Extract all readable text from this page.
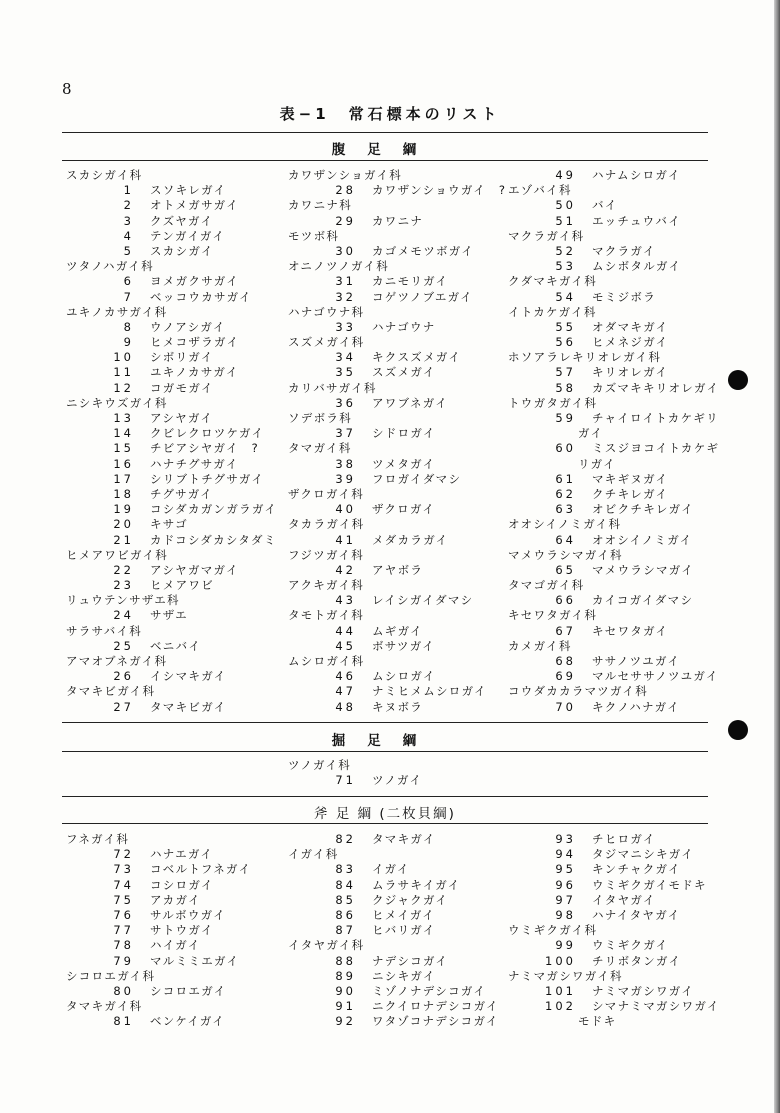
8
表−1　常石標本のリスト
腹足綱
スカシガイ科
1 スソキレガイ
2 オトメガサガイ
3 クズヤガイ
4 テンガイガイ
5 スカシガイ
ツタノハガイ科
6 ヨメガクサガイ
7 ベッコウカサガイ
ユキノカサガイ科
8 ウノアシガイ
9 ヒメコザラガイ
10 シボリガイ
11 ユキノカサガイ
12 コガモガイ
ニシキウズガイ科
13 アシヤガイ
14 クビレクロツケガイ
15 チビアシヤガイ　?
16 ハナチグサガイ
17 シリブトチグサガイ
18 チグサガイ
19 コシダカガンガラガイ
20 キサゴ
21 カドコシダカシタダミ
ヒメアワビガイ科
22 アシヤガマガイ
23 ヒメアワビ
リュウテンサザエ科
24 サザエ
サラサバイ科
25 ベニバイ
アマオブネガイ科
26 イシマキガイ
タマキビガイ科
27 タマキビガイ
カワザンショガイ科
28 カワザンショウガイ　?
カワニナ科
29 カワニナ
モツボ科
30 カゴメモツボガイ
オニノツノガイ科
31 カニモリガイ
32 コゲツノブエガイ
ハナゴウナ科
33 ハナゴウナ
スズメガイ科
34 キクスズメガイ
35 スズメガイ
カリバサガイ科
36 アワブネガイ
ソデボラ科
37 シドロガイ
タマガイ科
38 ツメタガイ
39 フロガイダマシ
ザクロガイ科
40 ザクロガイ
タカラガイ科
41 メダカラガイ
フジツガイ科
42 アヤボラ
アクキガイ科
43 レイシガイダマシ
タモトガイ科
44 ムギガイ
45 ボサツガイ
ムシロガイ科
46 ムシロガイ
47 ナミヒメムシロガイ
48 キヌボラ
49 ハナムシロガイ
エゾバイ科
50 バイ
51 エッチュウバイ
マクラガイ科
52 マクラガイ
53 ムシボタルガイ
クダマキガイ科
54 モミジボラ
イトカケガイ科
55 オダマキガイ
56 ヒメネジガイ
ホソアラレキリオレガイ科
57 キリオレガイ
58 カズマキキリオレガイ
トウガタガイ科
59 チャイロイトカケギリ
ガイ
60 ミスジヨコイトカケギ
リガイ
61 マキギヌガイ
62 クチキレガイ
63 オビクチキレガイ
オオシイノミガイ科
64 オオシイノミガイ
マメウラシマガイ科
65 マメウラシマガイ
タマゴガイ科
66 カイコガイダマシ
キセワタガイ科
67 キセワタガイ
カメガイ科
68 ササノツユガイ
69 マルセササノツユガイ
コウダカカラマツガイ科
70 キクノハナガイ
掘足綱
ツノガイ科
71 ツノガイ
斧 足 綱 (二枚貝綱)
フネガイ科
72 ハナエガイ
73 コベルトフネガイ
74 コシロガイ
75 アカガイ
76 サルボウガイ
77 サトウガイ
78 ハイガイ
79 マルミミエガイ
シコロエガイ科
80 シコロエガイ
タマキガイ科
81 ベンケイガイ
82 タマキガイ
イガイ科
83 イガイ
84 ムラサキイガイ
85 クジャクガイ
86 ヒメイガイ
87 ヒバリガイ
イタヤガイ科
88 ナデシコガイ
89 ニシキガイ
90 ミゾノナデシコガイ
91 ニクイロナデシコガイ
92 ワタゾコナデシコガイ
93 チヒロガイ
94 タジマニシキガイ
95 キンチャクガイ
96 ウミギクガイモドキ
97 イタヤガイ
98 ハナイタヤガイ
ウミギクガイ科
99 ウミギクガイ
100 チリボタンガイ
ナミマガシワガイ科
101 ナミマガシワガイ
102 シマナミマガシワガイ
モドキ
